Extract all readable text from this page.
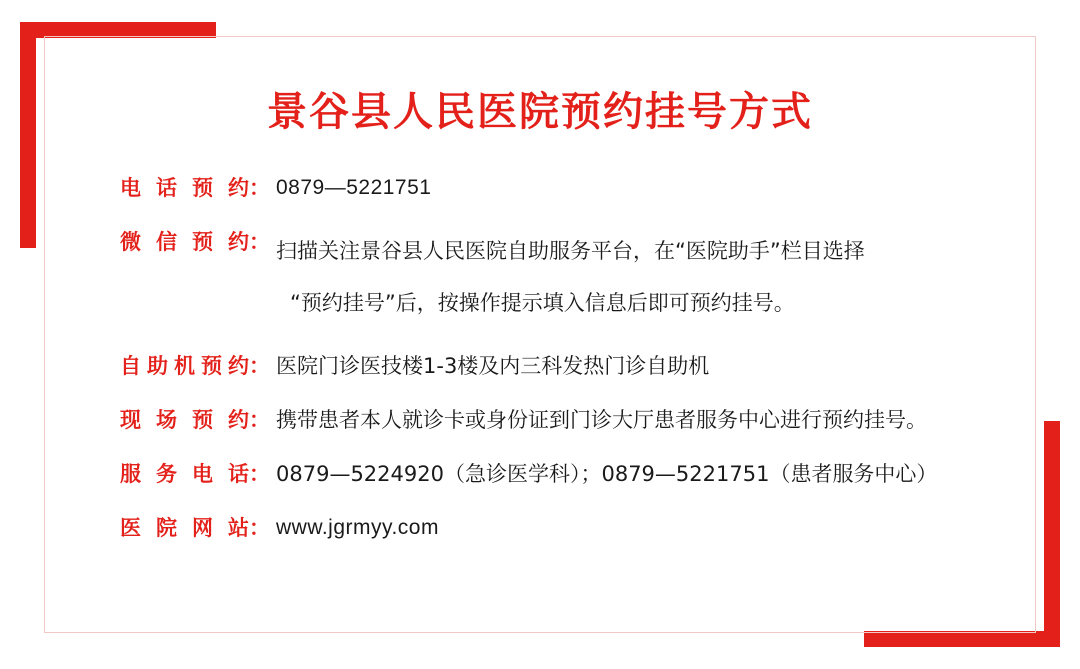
景谷县人民医院预约挂号方式
电话预约 ： 0879—5221751
微信预约 ： 扫描关注景谷县人民医院自助服务平台，在“医院助手”栏目选择
“预约挂号”后，按操作提示填入信息后即可预约挂号。
自助机预约 ： 医院门诊医技楼1-3楼及内三科发热门诊自助机
现场预约 ： 携带患者本人就诊卡或身份证到门诊大厅患者服务中心进行预约挂号。
服务电话 ： 0879—5224920（急诊医学科）；0879—5221751（患者服务中心）
医院网站 ： www.jgrmyy.com
